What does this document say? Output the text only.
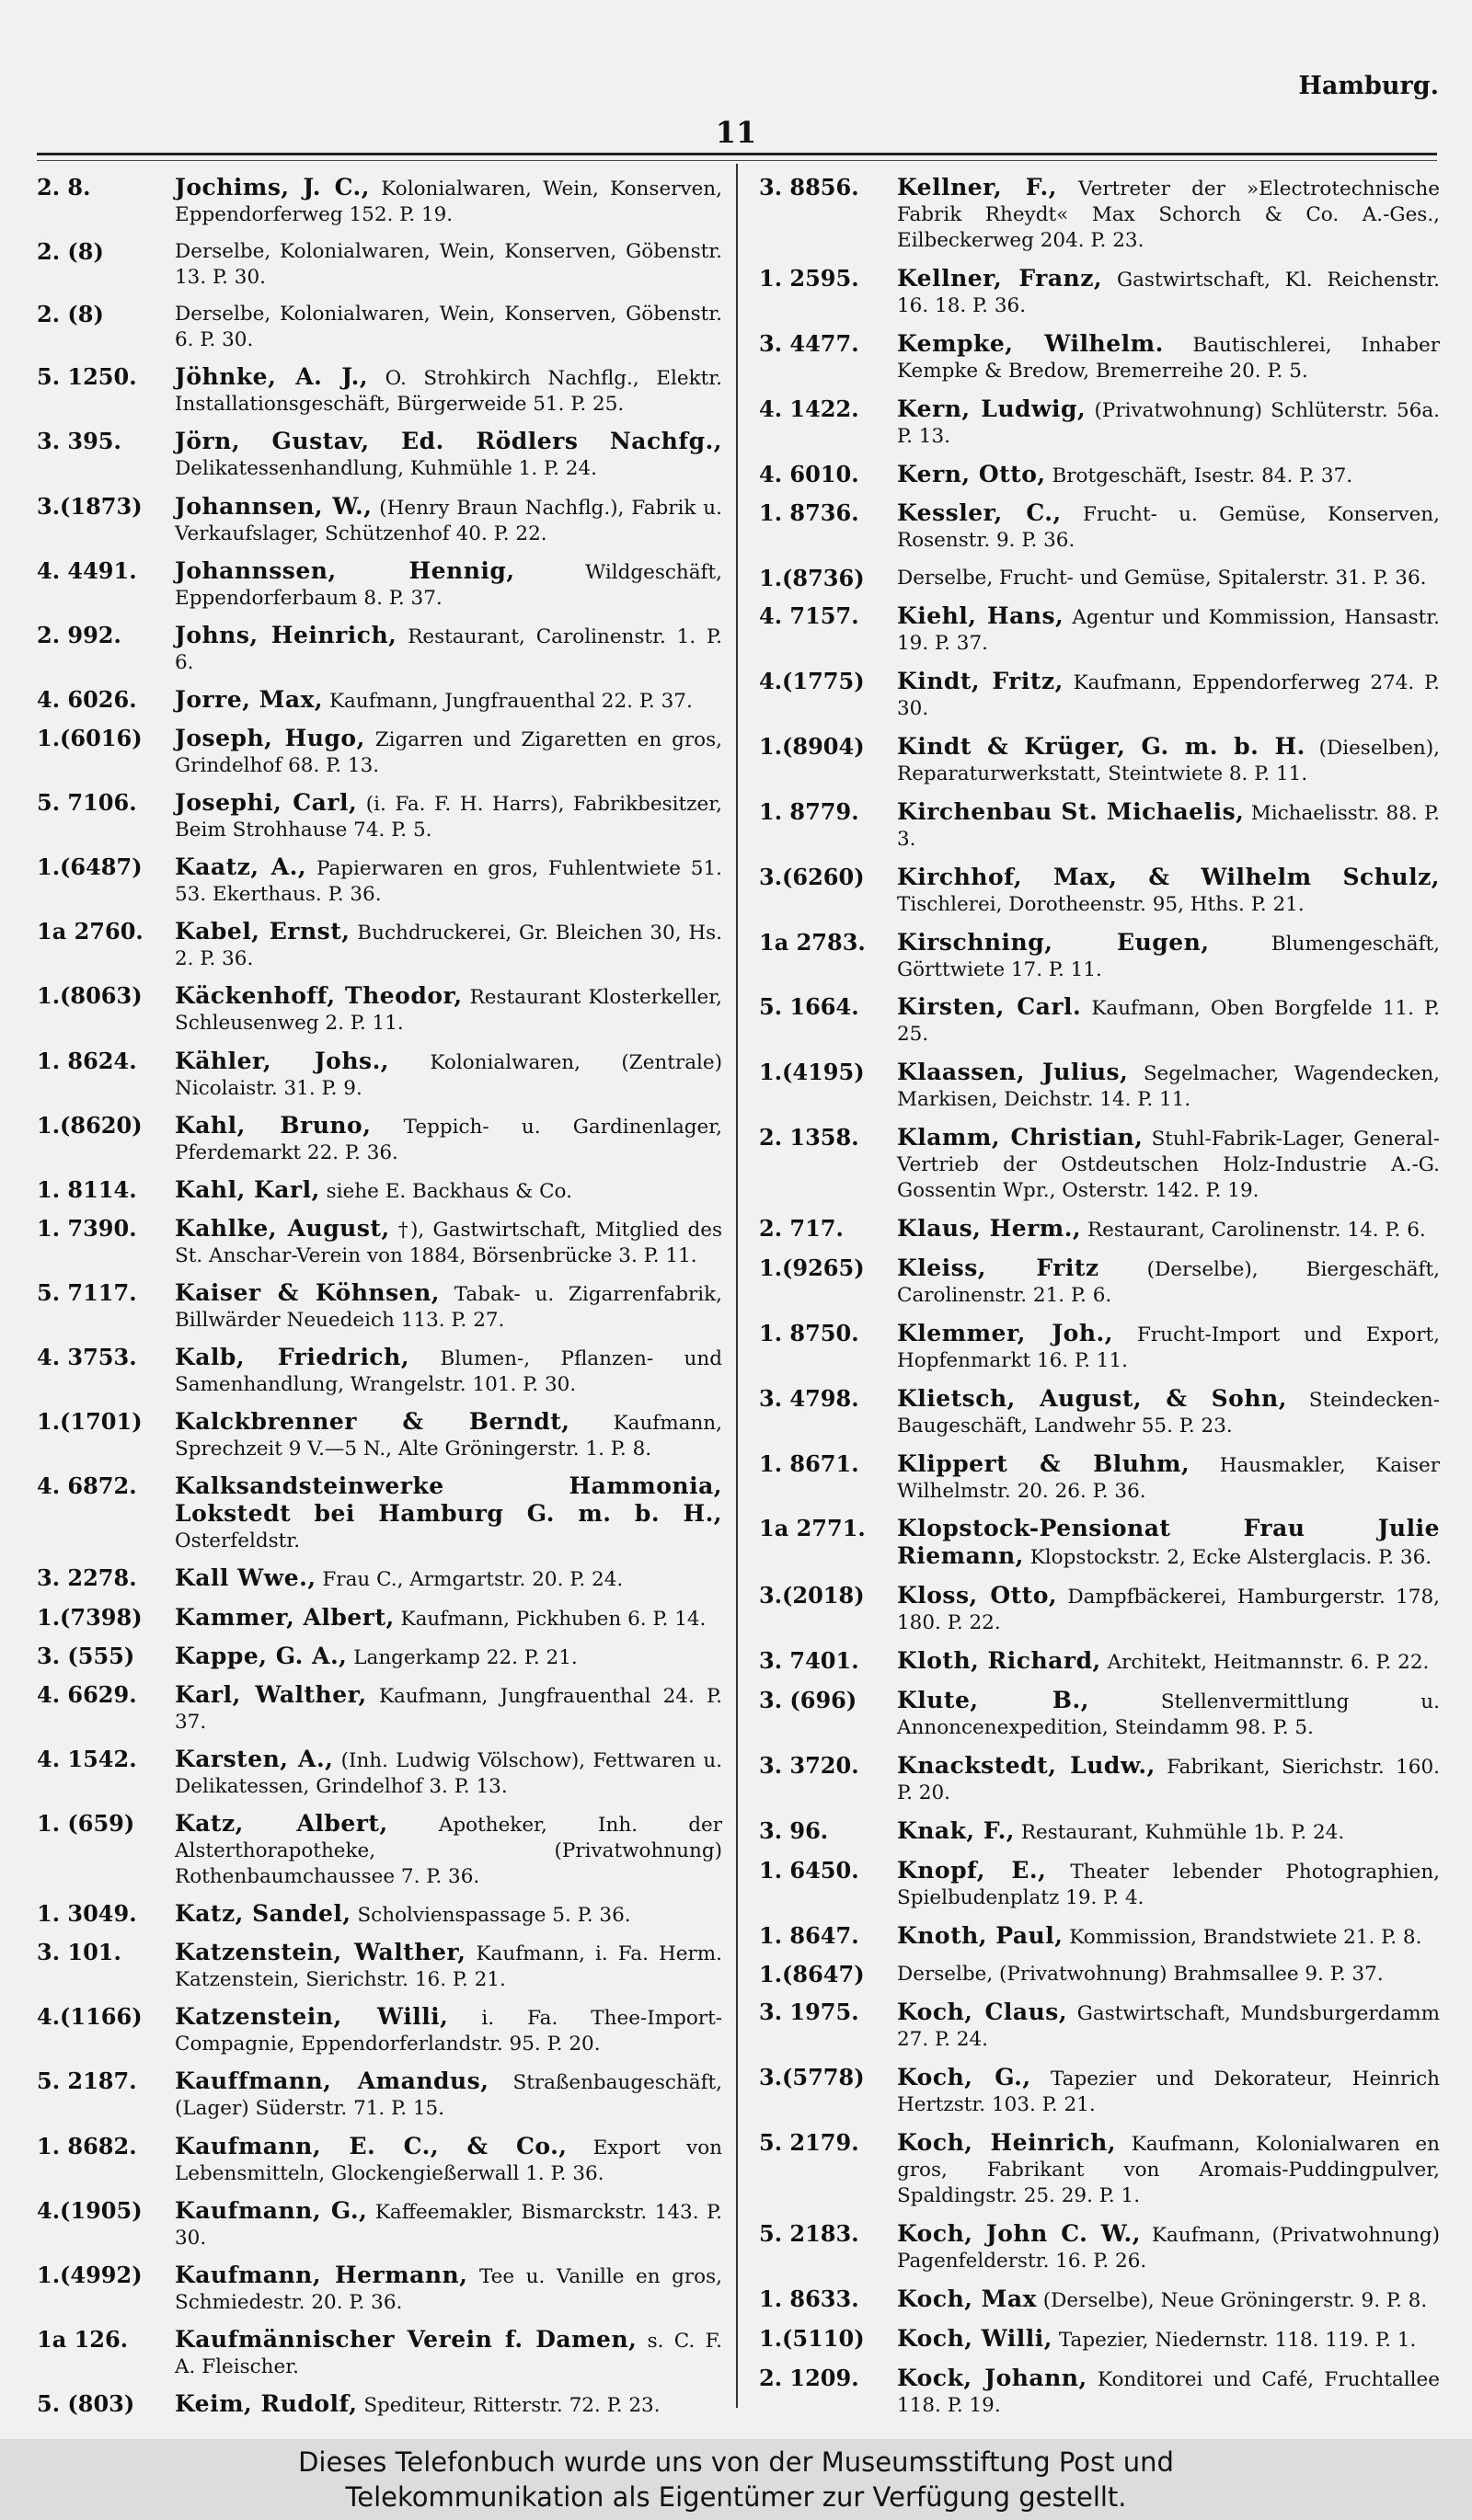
Hamburg.
11
2. 8.	Jochims, J. C., Kolonialwaren, Wein, Konserven, Eppendorferweg 152. P. 19.
2. (8)	Derselbe, Kolonialwaren, Wein, Konserven, Göbenstr. 13. P. 30.
2. (8)	Derselbe, Kolonialwaren, Wein, Konserven, Göbenstr. 6. P. 30.
5. 1250.	Jöhnke, A. J., O. Strohkirch Nachflg., Elektr. Installationsgeschäft, Bürgerweide 51. P. 25.
3. 395.	Jörn, Gustav, Ed. Rödlers Nachfg., Delikatessenhandlung, Kuhmühle 1. P. 24.
3.(1873)	Johannsen, W., (Henry Braun Nachflg.), Fabrik u. Verkaufslager, Schützenhof 40. P. 22.
4. 4491.	Johannssen, Hennig,	Wildgeschäft, Eppendorferbaum 8. P. 37.
2. 992.	Johns, Heinrich, Restaurant, Carolinenstr. 1. P. 6.
4. 6026.	Jorre, Max, Kaufmann, Jungfrauenthal 22. P. 37.
1.(6016)	Joseph, Hugo, Zigarren und Zigaretten en gros, Grindelhof 68. P. 13.
5. 7106.	Josephi, Carl, (i. Fa. F. H. Harrs), Fabrikbesitzer, Beim Strohhause 74. P. 5.
1.(6487)	Kaatz, A., Papierwaren en gros, Fuhlentwiete 51. 53. Ekerthaus. P. 36.
1a 2760.	Kabel, Ernst, Buchdruckerei, Gr. Bleichen 30, Hs. 2. P. 36.
1.(8063)	Käckenhoff, Theodor, Restaurant Klosterkeller, Schleusenweg 2. P. 11.
1. 8624.	Kähler, Johs., Kolonialwaren, (Zentrale) Nicolaistr. 31. P. 9.
1.(8620)	Kahl, Bruno, Teppich- u. Gardinenlager, Pferdemarkt 22. P. 36.
1. 8114.	Kahl, Karl, siehe E. Backhaus & Co.
1. 7390.	Kahlke, August, †), Gastwirtschaft, Mitglied des St. Anschar-Verein von 1884, Börsenbrücke 3. P. 11.
5. 7117.	Kaiser & Köhnsen, Tabak- u. Zigarrenfabrik, Billwärder Neuedeich 113. P. 27.
4. 3753.	Kalb, Friedrich, Blumen-, Pflanzen- und Samenhandlung, Wrangelstr. 101. P. 30.
1.(1701)	Kalckbrenner & Berndt, Kaufmann, Sprechzeit 9 V.—5 N., Alte Gröningerstr. 1. P. 8.
4. 6872.	Kalksandsteinwerke Hammonia, Lokstedt bei Hamburg G. m. b. H., Osterfeldstr.
3. 2278.	Kall Wwe., Frau C., Armgartstr. 20. P. 24.
1.(7398)	Kammer, Albert, Kaufmann, Pickhuben 6. P. 14.
3. (555)	Kappe, G. A., Langerkamp 22. P. 21.
4. 6629.	Karl, Walther, Kaufmann, Jungfrauenthal 24. P. 37.
4. 1542.	Karsten, A., (Inh. Ludwig Völschow), Fettwaren u. Delikatessen, Grindelhof 3. P. 13.
1. (659)	Katz, Albert,	Apotheker, Inh. der Alsterthorapotheke, (Privatwohnung) Rothenbaumchaussee 7. P. 36.
1. 3049.	Katz, Sandel, Scholvienspassage 5. P. 36.
3. 101.	Katzenstein, Walther, Kaufmann, i. Fa. Herm. Katzenstein, Sierichstr. 16. P. 21.
4.(1166)	Katzenstein, Willi, i. Fa. Thee-Import-Compagnie, Eppendorferlandstr. 95. P. 20.
5. 2187.	Kauffmann, Amandus, Straßenbaugeschäft, (Lager) Süderstr. 71. P. 15.
1. 8682.	Kaufmann, E. C., & Co., Export von Lebensmitteln, Glockengießerwall 1. P. 36.
4.(1905)	Kaufmann, G., Kaffeemakler, Bismarckstr. 143. P. 30.
1.(4992)	Kaufmann, Hermann, Tee u. Vanille en gros, Schmiedestr. 20. P. 36.
1a 126.	Kaufmännischer Verein f. Damen, s. C. F. A. Fleischer.
5. (803)	Keim, Rudolf, Spediteur, Ritterstr. 72. P. 23.
3. 8856.	Kellner, F., Vertreter der »Electrotechnische Fabrik Rheydt« Max Schorch & Co. A.-Ges., Eilbeckerweg 204. P. 23.
1. 2595.	Kellner, Franz, Gastwirtschaft, Kl. Reichenstr. 16. 18. P. 36.
3. 4477.	Kempke, Wilhelm. Bautischlerei, Inhaber Kempke & Bredow, Bremerreihe 20. P. 5.
4. 1422.	Kern, Ludwig, (Privatwohnung) Schlüterstr. 56a. P. 13.
4. 6010.	Kern, Otto, Brotgeschäft, Isestr. 84. P. 37.
1. 8736.	Kessler, C., Frucht- u. Gemüse, Konserven, Rosenstr. 9. P. 36.
1.(8736)	Derselbe, Frucht- und Gemüse, Spitalerstr. 31. P. 36.
4. 7157.	Kiehl, Hans, Agentur und Kommission, Hansastr. 19. P. 37.
4.(1775)	Kindt, Fritz, Kaufmann, Eppendorferweg 274. P. 30.
1.(8904)	Kindt & Krüger, G. m. b. H. (Dieselben), Reparaturwerkstatt, Steintwiete 8. P. 11.
1. 8779.	Kirchenbau St. Michaelis, Michaelisstr. 88. P. 3.
3.(6260)	Kirchhof, Max, & Wilhelm Schulz, Tischlerei, Dorotheenstr. 95, Hths. P. 21.
1a 2783.	Kirschning, Eugen,	Blumengeschäft, Görttwiete 17. P. 11.
5. 1664.	Kirsten, Carl. Kaufmann, Oben Borgfelde 11. P. 25.
1.(4195)	Klaassen, Julius, Segelmacher, Wagendecken, Markisen, Deichstr. 14. P. 11.
2. 1358.	Klamm, Christian, Stuhl-Fabrik-Lager, General-Vertrieb der Ostdeutschen Holz-Industrie A.-G. Gossentin Wpr., Osterstr. 142. P. 19.
2. 717.	Klaus, Herm., Restaurant, Carolinenstr. 14. P. 6.
1.(9265)	Kleiss, Fritz (Derselbe), Biergeschäft, Carolinenstr. 21. P. 6.
1. 8750.	Klemmer, Joh., Frucht-Import und Export, Hopfenmarkt 16. P. 11.
3. 4798.	Klietsch, August, & Sohn, Steindecken-Baugeschäft, Landwehr 55. P. 23.
1. 8671.	Klippert & Bluhm, Hausmakler, Kaiser Wilhelmstr. 20. 26. P. 36.
1a 2771.	Klopstock-Pensionat Frau Julie Riemann, Klopstockstr. 2, Ecke Alsterglacis. P. 36.
3.(2018)	Kloss, Otto, Dampfbäckerei, Hamburgerstr. 178, 180. P. 22.
3. 7401.	Kloth, Richard, Architekt, Heitmannstr. 6. P. 22.
3. (696)	Klute, B.,	Stellenvermittlung u. Annoncenexpedition, Steindamm 98. P. 5.
3. 3720.	Knackstedt, Ludw., Fabrikant, Sierichstr. 160. P. 20.
3. 96.	Knak, F., Restaurant, Kuhmühle 1b. P. 24.
1. 6450.	Knopf, E., Theater lebender Photographien, Spielbudenplatz 19. P. 4.
1. 8647.	Knoth, Paul, Kommission, Brandstwiete 21. P. 8.
1.(8647)	Derselbe, (Privatwohnung) Brahmsallee 9. P. 37.
3. 1975.	Koch, Claus, Gastwirtschaft, Mundsburgerdamm 27. P. 24.
3.(5778)	Koch, G., Tapezier und Dekorateur, Heinrich Hertzstr. 103. P. 21.
5. 2179.	Koch, Heinrich, Kaufmann, Kolonialwaren en gros, Fabrikant von Aromais-Puddingpulver, Spaldingstr. 25. 29. P. 1.
5. 2183.	Koch, John C. W., Kaufmann, (Privatwohnung) Pagenfelderstr. 16. P. 26.
1. 8633.	Koch, Max (Derselbe), Neue Gröningerstr. 9. P. 8.
1.(5110)	Koch, Willi, Tapezier, Niedernstr. 118. 119. P. 1.
2. 1209.	Kock, Johann, Konditorei und Café, Fruchtallee 118. P. 19.
Dieses Telefonbuch wurde uns von der Museumsstiftung Post und
Telekommunikation als Eigentümer zur Verfügung gestellt.
